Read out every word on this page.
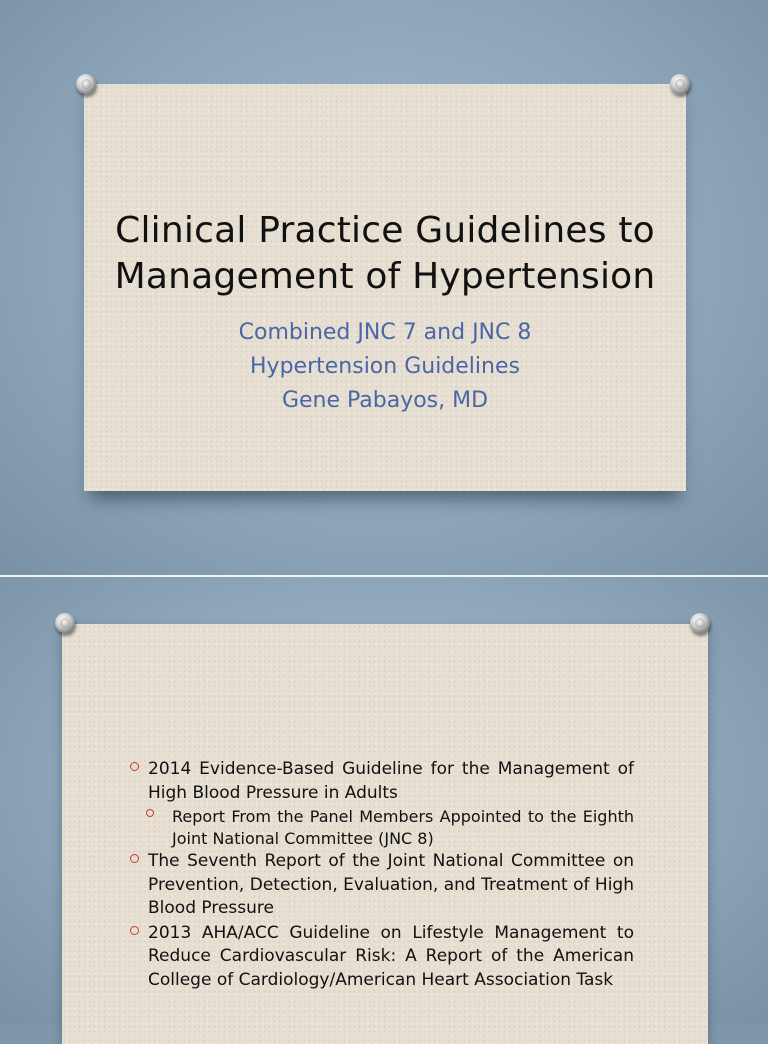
Clinical Practice Guidelines to
Management of Hypertension
Combined JNC 7 and JNC 8
Hypertension Guidelines
Gene Pabayos, MD
2014 Evidence-Based Guideline for the Management of High Blood Pressure in Adults
Report From the Panel Members Appointed to the Eighth Joint National Committee (JNC 8)
The Seventh Report of the Joint National Committee on Prevention, Detection, Evaluation, and Treatment of High Blood Pressure
2013 AHA/ACC Guideline on Lifestyle Management to Reduce Cardiovascular Risk: A Report of the American College of Cardiology/American Heart Association Task
